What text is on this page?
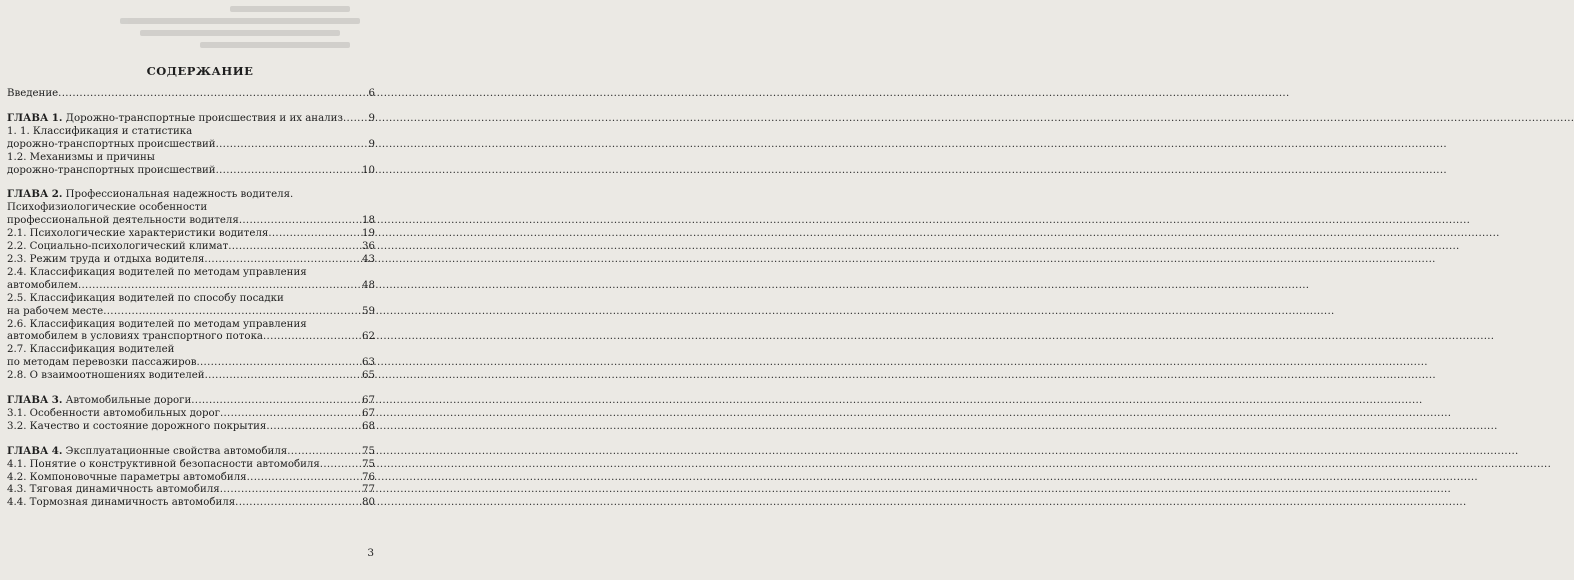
СОДЕРЖАНИЕ
Введение .....	6
ГЛАВА 1. Дорожно-транспортные происшествия и их анализ .....	9
1. 1. Классификация и статистика
дорожно-транспортных происшествий .....	9
1.2. Механизмы и причины
дорожно-транспортных происшествий .....	10
ГЛАВА 2. Профессиональная надежность водителя.
Психофизиологические особенности
профессиональной деятельности водителя .....	18
2.1. Психологические характеристики водителя .....	19
2.2. Социально-психологический климат .....	36
2.3. Режим труда и отдыха водителя .....	43
2.4. Классификация водителей по методам управления
автомобилем .....	48
2.5. Классификация водителей по способу посадки
на рабочем месте .....	59
2.6. Классификация водителей по методам управления
автомобилем в условиях транспортного потока .....	62
2.7. Классификация водителей
по методам перевозки пассажиров .....	63
2.8. О взаимоотношениях водителей .....	65
ГЛАВА 3. Автомобильные дороги .....	67
3.1. Особенности автомобильных дорог .....	67
3.2. Качество и состояние дорожного покрытия .....	68
ГЛАВА 4. Эксплуатационные свойства автомобиля .....	75
4.1. Понятие о конструктивной безопасности автомобиля .....	75
4.2. Компоновочные параметры автомобиля .....	76
4.3. Тяговая динамичность автомобиля .....	77
4.4. Тормозная динамичность автомобиля .....	80
3
